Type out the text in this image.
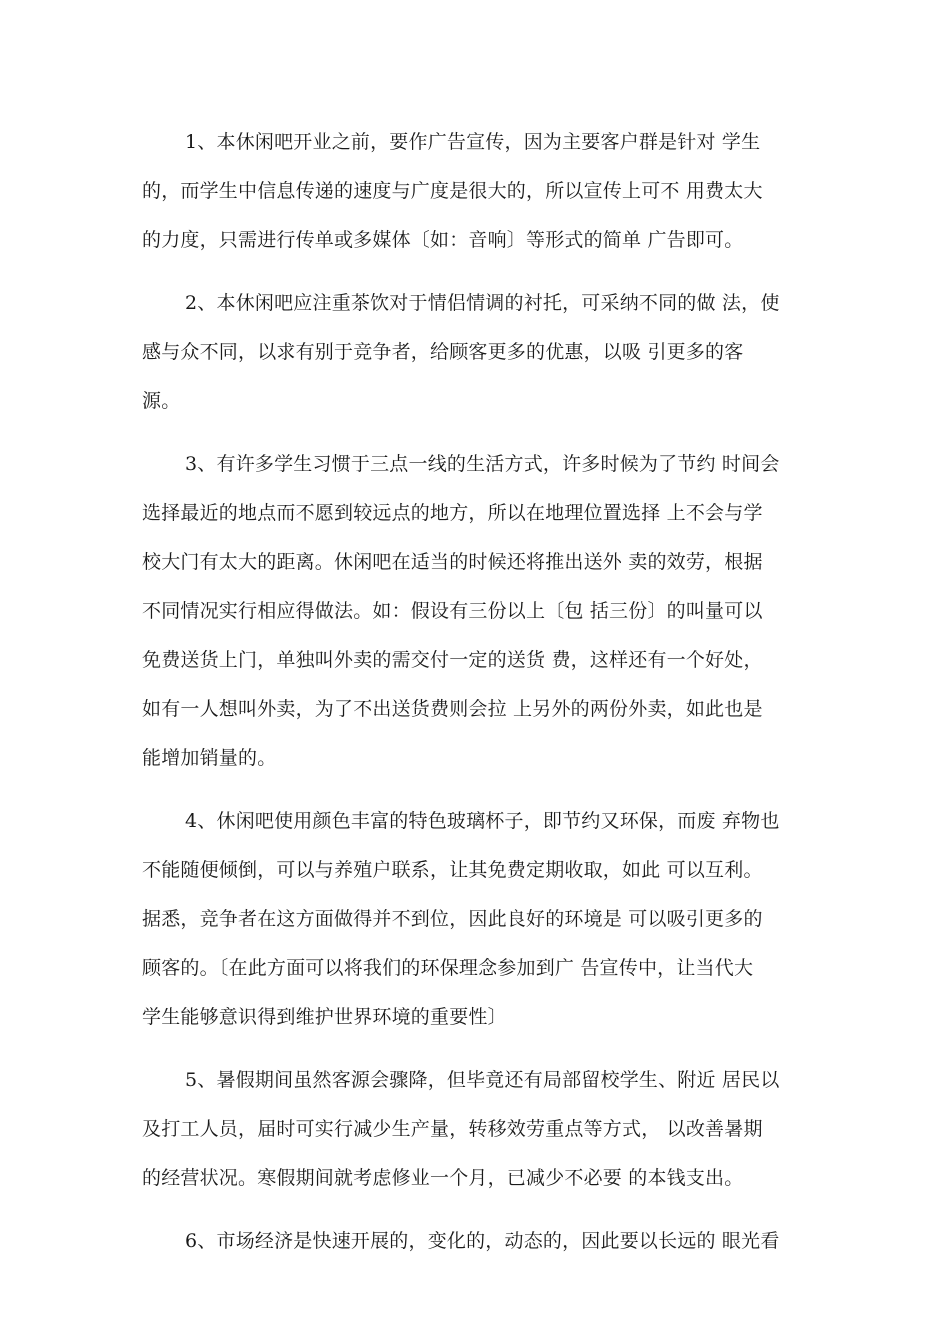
1、本休闲吧开业之前，要作广告宣传，因为主要客户群是针对 学生
的，而学生中信息传递的速度与广度是很大的，所以宣传上可不 用费太大
的力度，只需进行传单或多媒体〔如：音响〕等形式的简单 广告即可。
2、本休闲吧应注重茶饮对于情侣情调的衬托，可采纳不同的做 法，使
感与众不同，以求有别于竞争者，给顾客更多的优惠，以吸 引更多的客
源。
3、有许多学生习惯于三点一线的生活方式，许多时候为了节约 时间会
选择最近的地点而不愿到较远点的地方，所以在地理位置选择 上不会与学
校大门有太大的距离。休闲吧在适当的时候还将推出送外 卖的效劳，根据
不同情况实行相应得做法。如：假设有三份以上〔包 括三份〕的叫量可以
免费送货上门，单独叫外卖的需交付一定的送货 费，这样还有一个好处，
如有一人想叫外卖，为了不出送货费则会拉 上另外的两份外卖，如此也是
能增加销量的。
4、休闲吧使用颜色丰富的特色玻璃杯子，即节约又环保，而废 弃物也
不能随便倾倒，可以与养殖户联系，让其免费定期收取，如此 可以互利。
据悉，竞争者在这方面做得并不到位，因此良好的环境是 可以吸引更多的
顾客的。〔在此方面可以将我们的环保理念参加到广 告宣传中，让当代大
学生能够意识得到维护世界环境的重要性〕
5、暑假期间虽然客源会骤降，但毕竟还有局部留校学生、附近 居民以
及打工人员，届时可实行减少生产量，转移效劳重点等方式， 以改善暑期
的经营状况。寒假期间就考虑修业一个月，已减少不必要 的本钱支出。
6、市场经济是快速开展的，变化的，动态的，因此要以长远的 眼光看
